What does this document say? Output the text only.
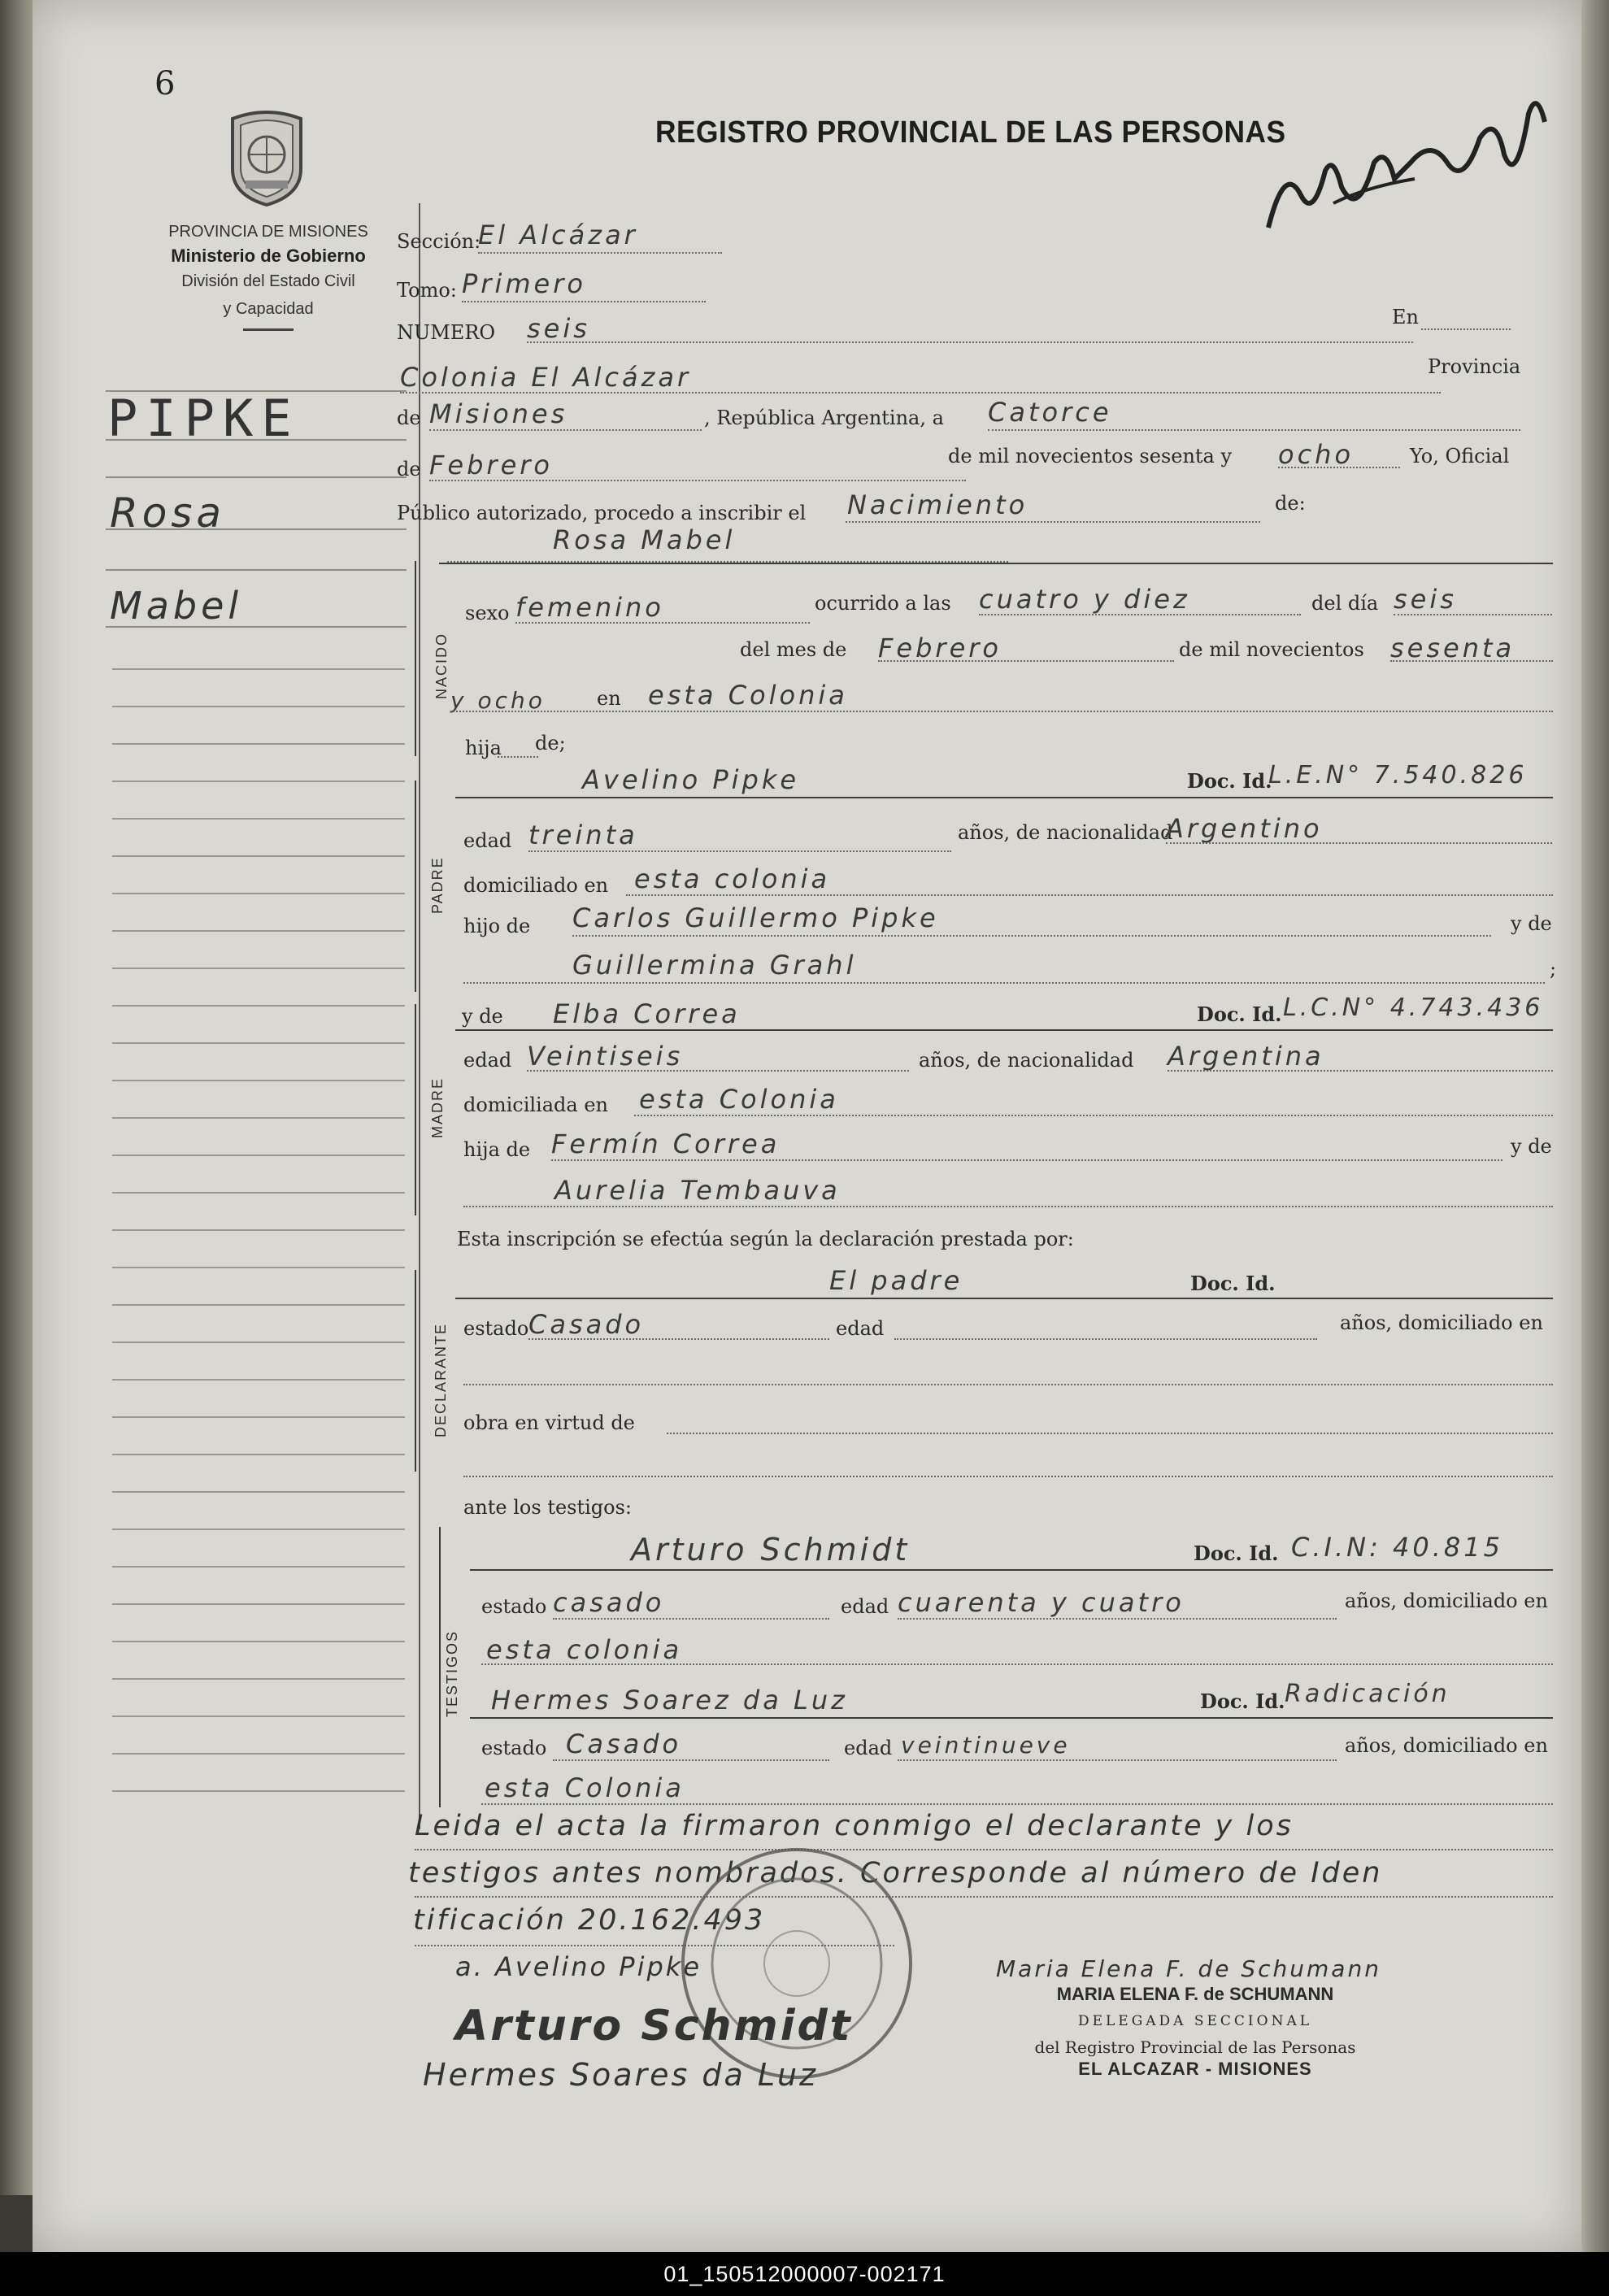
6
PROVINCIA DE MISIONES
Ministerio de Gobierno
División del Estado Civil
y Capacidad
REGISTRO PROVINCIAL DE LAS PERSONAS
PIPKE
Rosa
Mabel
Sección:
El Alcázar
Tomo: Primero
NUMERO seis	En
Colonia El Alcázar	Provincia
de Misiones	, República Argentina, a Catorce
de Febrero	de mil novecientos sesenta y ocho	Yo, Oficial
Público autorizado, procedo a inscribir el Nacimiento	de:
NACIDO
Rosa Mabel
sexo femenino	ocurrido a las cuatro y diez	del día seis
del mes de Febrero	de mil novecientos sesenta
y ocho	en esta Colonia
hija de;
PADRE
Avelino Pipke	Doc. Id.
L.E.N° 7.540.826
edad treinta	años, de nacionalidad
Argentino
domiciliado en esta colonia
hijo de Carlos Guillermo Pipke	y de
Guillermina Grahl	;
MADRE
y de Elba Correa	Doc. Id. L.C.N° 4.743.436
edad Veintiseis	años, de nacionalidad Argentina
domiciliada en esta Colonia
hija de Fermín Correa	y de
Aurelia Tembauva
Esta inscripción se efectúa según la declaración prestada por:
DECLARANTE
El padre	Doc. Id.
estado Casado	edad	años, domiciliado en
obra en virtud de
ante los testigos:
TESTIGOS
Arturo Schmidt	Doc. Id. C.I.N: 40.815
estado casado	edad cuarenta y cuatro	años, domiciliado en
esta colonia
Hermes Soarez da Luz	Doc. Id. Radicación
estado Casado	edad veintinueve	años, domiciliado en
esta Colonia
Leida el acta la firmaron conmigo el declarante y los
testigos antes nombrados. Corresponde al número de Iden
tificación 20.162.493
a. Avelino Pipke
Arturo Schmidt
Hermes Soares da Luz
Maria Elena F. de Schumann
MARIA ELENA F. de SCHUMANN
DELEGADA SECCIONAL
del Registro Provincial de las Personas
EL ALCAZAR - MISIONES
01_150512000007-002171
